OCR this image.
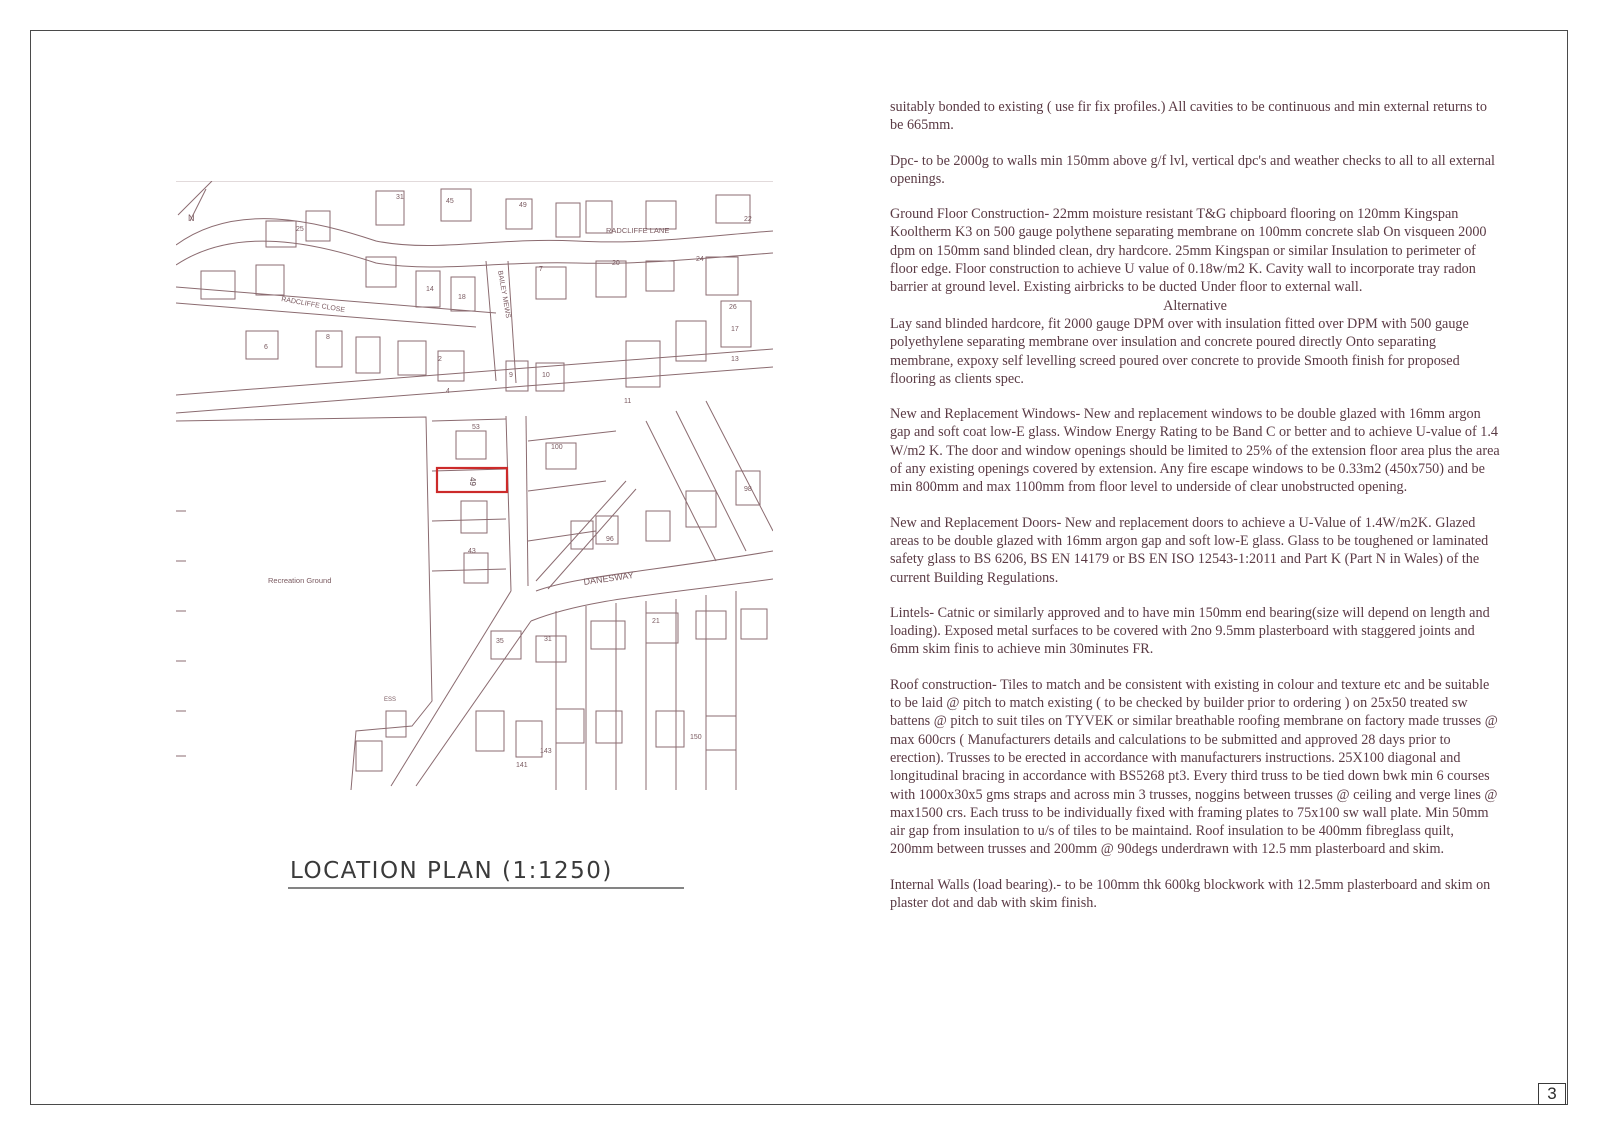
N
RADCLIFFE LANE
RADCLIFFE CLOSE	BAILEY MEWS
DANESWAY
Recreation Ground
ESS
49
31
45
49
22
24
26
20
7
25
9	10
6
8
14
18
2
4
11
13
17
53
100
96
98
43
35	31
21
143
141
150
LOCATION PLAN (1:1250)

suitably bonded to existing ( use fir fix profiles.) All cavities to be continuous and min external returns to be 665mm.

Dpc- to be 2000g to walls min 150mm above g/f lvl, vertical dpc's and weather checks to all to all external openings.

Ground Floor Construction- 22mm moisture resistant T&G chipboard flooring on 120mm Kingspan Kooltherm K3 on 500 gauge polythene separating membrane on 100mm concrete slab On visqueen 2000 dpm on 150mm sand blinded clean, dry hardcore. 25mm Kingspan or similar Insulation to perimeter of floor edge. Floor construction to achieve U value of 0.18w/m2 K. Cavity wall to incorporate tray radon barrier at ground level. Existing airbricks to be ducted Under floor to external wall.

Alternative

Lay sand blinded hardcore, fit 2000 gauge DPM over with insulation fitted over DPM with 500 gauge polyethylene separating membrane over insulation and concrete poured directly Onto separating membrane, expoxy self levelling screed poured over concrete to provide Smooth finish for proposed flooring as clients spec.

New and Replacement Windows- New and replacement windows to be double glazed with 16mm argon gap and soft coat low-E glass. Window Energy Rating to be Band C or better and to achieve U-value of 1.4 W/m2 K. The door and window openings should be limited to 25% of the extension floor area plus the area of any existing openings covered by extension. Any fire escape windows to be 0.33m2 (450x750) and be min 800mm and max 1100mm from floor level to underside of clear unobstructed opening.

New and Replacement Doors- New and replacement doors to achieve a U-Value of 1.4W/m2K. Glazed areas to be double glazed with 16mm argon gap and soft low-E glass. Glass to be toughened or laminated safety glass to BS 6206, BS EN 14179 or BS EN ISO 12543-1:2011 and Part K (Part N in Wales) of the current Building Regulations.

Lintels- Catnic or similarly approved and to have min 150mm end bearing(size will depend on length and loading). Exposed metal surfaces to be covered with 2no 9.5mm plasterboard with staggered joints and 6mm skim finis to achieve min 30minutes FR.

Roof construction- Tiles to match and be consistent with existing in colour and texture etc and be suitable to be laid @ pitch to match existing ( to be checked by builder prior to ordering ) on 25x50 treated sw battens @ pitch to suit tiles on TYVEK or similar breathable roofing membrane on factory made trusses @ max 600crs ( Manufacturers details and calculations to be submitted and approved 28 days prior to erection). Trusses to be erected in accordance with manufacturers instructions. 25X100 diagonal and longitudinal bracing in accordance with BS5268 pt3. Every third truss to be tied down bwk min 6 courses with 1000x30x5 gms straps and across min 3 trusses, noggins between trusses @ ceiling and verge lines @ max1500 crs. Each truss to be individually fixed with framing plates to 75x100 sw wall plate. Min 50mm air gap from insulation to u/s of tiles to be maintaind. Roof insulation to be 400mm fibreglass quilt, 200mm between trusses and 200mm @ 90degs underdrawn with 12.5 mm plasterboard and skim.

Internal Walls (load bearing).- to be 100mm thk 600kg blockwork with 12.5mm plasterboard and skim on plaster dot and dab with skim finish.

3
